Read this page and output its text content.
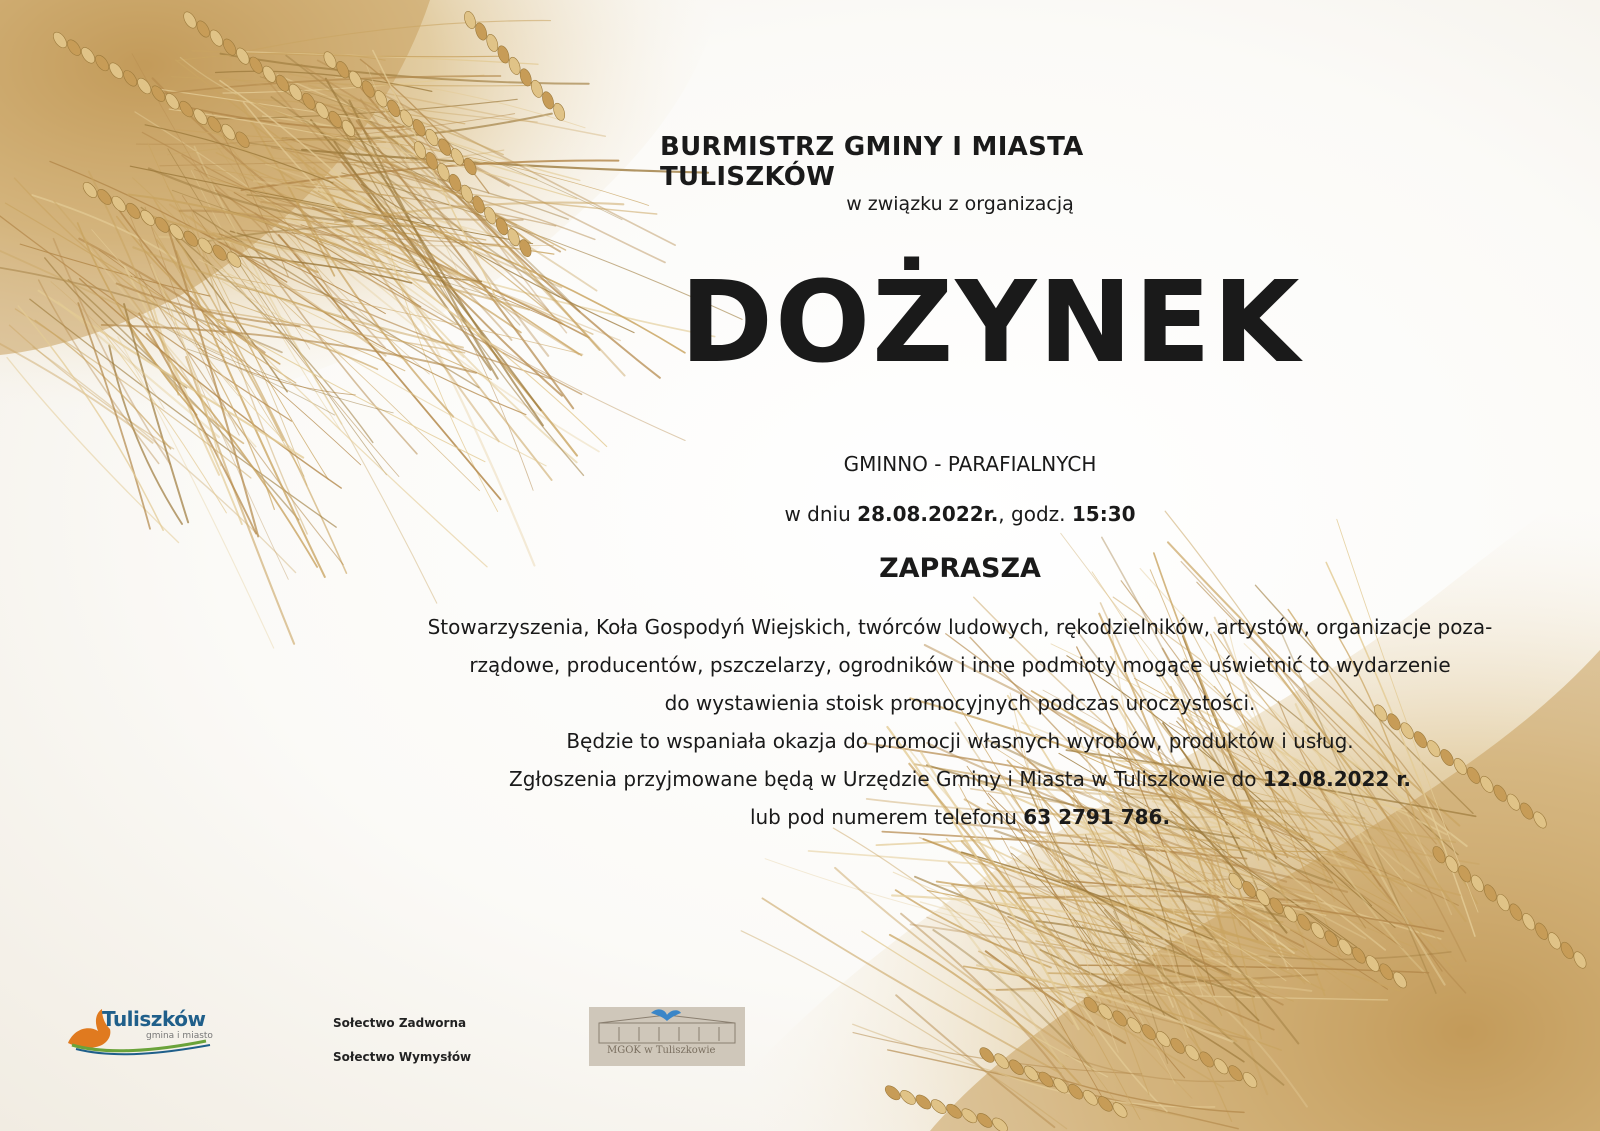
BURMISTRZ GMINY I MIASTA TULISZKÓW
w związku z organizacją
DOŻYNEK
GMINNO - PARAFIALNYCH
w dniu 28.08.2022r., godz. 15:30
ZAPRASZA

Stowarzyszenia, Koła Gospodyń Wiejskich, twórców ludowych, rękodzielników, artystów, organizacje poza-

rządowe, producentów, pszczelarzy, ogrodników i inne podmioty mogące uświetnić to wydarzenie

do wystawienia stoisk promocyjnych podczas uroczystości.

Będzie to wspaniała okazja do promocji własnych wyrobów, produktów i usług.

Zgłoszenia przyjmowane będą w Urzędzie Gminy i Miasta w Tuliszkowie do 12.08.2022 r.

lub pod numerem telefonu 63 2791 786.

Tuliszków
gmina i miasto
Sołectwo Zadworna
Sołectwo Wymysłów	MGOK w Tuliszkowie
